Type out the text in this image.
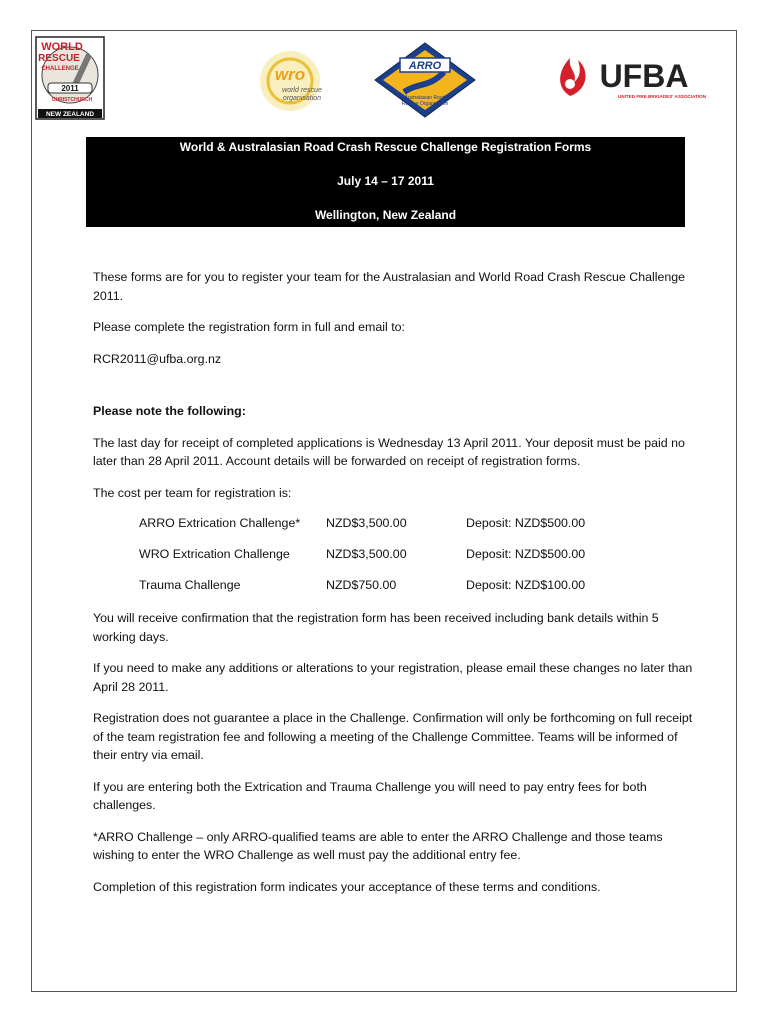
WORLD
RESCUE
CHALLENGE
2011
CHRISTCHURCH
NEW ZEALAND
wro
world rescue
organisation
ARRO
Australasian Road
Rescue Organisation
UFBA
UNITED FIRE BRIGADES' ASSOCIATION
World & Australasian Road Crash Rescue Challenge Registration Forms
July 14 – 17 2011
Wellington, New Zealand

These forms are for you to register your team for the Australasian and World Road Crash Rescue Challenge 2011.

Please complete the registration form in full and email to:

RCR2011@ufba.org.nz

Please note the following:

The last day for receipt of completed applications is Wednesday 13 April 2011. Your deposit must be paid no later than 28 April 2011. Account details will be forwarded on receipt of registration forms.

The cost per team for registration is:

ARRO Extrication Challenge* NZD$3,500.00	Deposit: NZD$500.00
WRO Extrication Challenge	NZD$3,500.00	Deposit: NZD$500.00
Trauma Challenge	NZD$750.00	Deposit: NZD$100.00

You will receive confirmation that the registration form has been received including bank details within 5 working days.

If you need to make any additions or alterations to your registration, please email these changes no later than April 28 2011.

Registration does not guarantee a place in the Challenge. Confirmation will only be forthcoming on full receipt of the team registration fee and following a meeting of the Challenge Committee. Teams will be informed of their entry via email.

If you are entering both the Extrication and Trauma Challenge you will need to pay entry fees for both challenges.

*ARRO Challenge – only ARRO-qualified teams are able to enter the ARRO Challenge and those teams wishing to enter the WRO Challenge as well must pay the additional entry fee.

Completion of this registration form indicates your acceptance of these terms and conditions.
